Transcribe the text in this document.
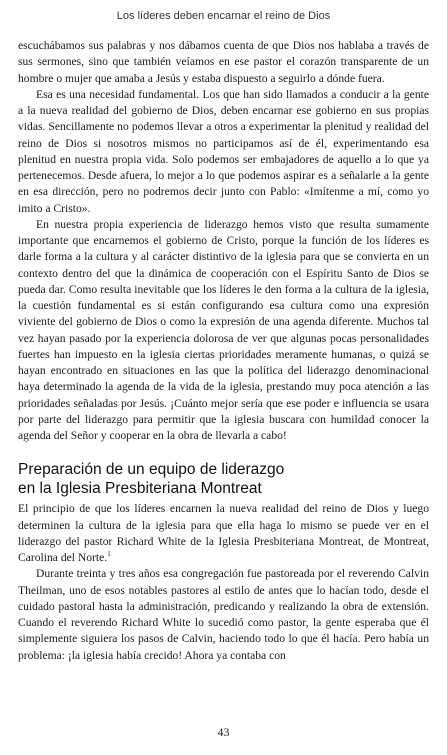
Los líderes deben encarnar el reino de Dios

escuchábamos sus palabras y nos dábamos cuenta de que Dios nos hablaba a través de sus sermones, sino que también veíamos en ese pastor el corazón transparente de un hombre o mujer que amaba a Jesús y estaba dispuesto a seguirlo a dónde fuera.

Esa es una necesidad fundamental. Los que han sido llamados a conducir a la gente a la nueva realidad del gobierno de Dios, deben encarnar ese gobierno en sus propias vidas. Sencillamente no podemos llevar a otros a experimentar la plenitud y realidad del reino de Dios si nosotros mismos no participamos así de él, experimentando esa plenitud en nuestra propia vida. Solo podemos ser embajadores de aquello a lo que ya pertenecemos. Desde afuera, lo mejor a lo que podemos aspirar es a señalarle a la gente en esa dirección, pero no podremos decir junto con Pablo: «Imítenme a mí, como yo imito a Cristo».

En nuestra propia experiencia de liderazgo hemos visto que resulta sumamente importante que encarnemos el gobierno de Cristo, porque la función de los líderes es darle forma a la cultura y al carácter distintivo de la iglesia para que se convierta en un contexto dentro del que la dinámica de cooperación con el Espíritu Santo de Dios se pueda dar. Como resulta inevitable que los líderes le den forma a la cultura de la iglesia, la cuestión fundamental es si están configurando esa cultura como una expresión viviente del gobierno de Dios o como la expresión de una agenda diferente. Muchos tal vez hayan pasado por la experiencia dolorosa de ver que algunas pocas personalidades fuertes han impuesto en la iglesia ciertas prioridades meramente humanas, o quizá se hayan encontrado en situaciones en las que la política del liderazgo denominacional haya determinado la agenda de la vida de la iglesia, prestando muy poca atención a las prioridades señaladas por Jesús. ¡Cuánto mejor sería que ese poder e influencia se usara por parte del liderazgo para permitir que la iglesia buscara con humildad conocer la agenda del Señor y cooperar en la obra de llevarla a cabo!

Preparación de un equipo de liderazgo
en la Iglesia Presbiteriana Montreat

El principio de que los líderes encarnen la nueva realidad del reino de Dios y luego determinen la cultura de la iglesia para que ella haga lo mismo se puede ver en el liderazgo del pastor Richard White de la Iglesia Presbiteriana Montreat, de Montreat, Carolina del Norte.$^1$

Durante treinta y tres años esa congregación fue pastoreada por el reverendo Calvin Theilman, uno de esos notables pastores al estilo de antes que lo hacían todo, desde el cuidado pastoral hasta la administración, predicando y realizando la obra de extensión. Cuando el reverendo Richard White lo sucedió como pastor, la gente esperaba que él simplemente siguiera los pasos de Calvin, haciendo todo lo que él hacía. Pero había un problema: ¡la iglesia había crecido! Ahora ya contaba con

43
